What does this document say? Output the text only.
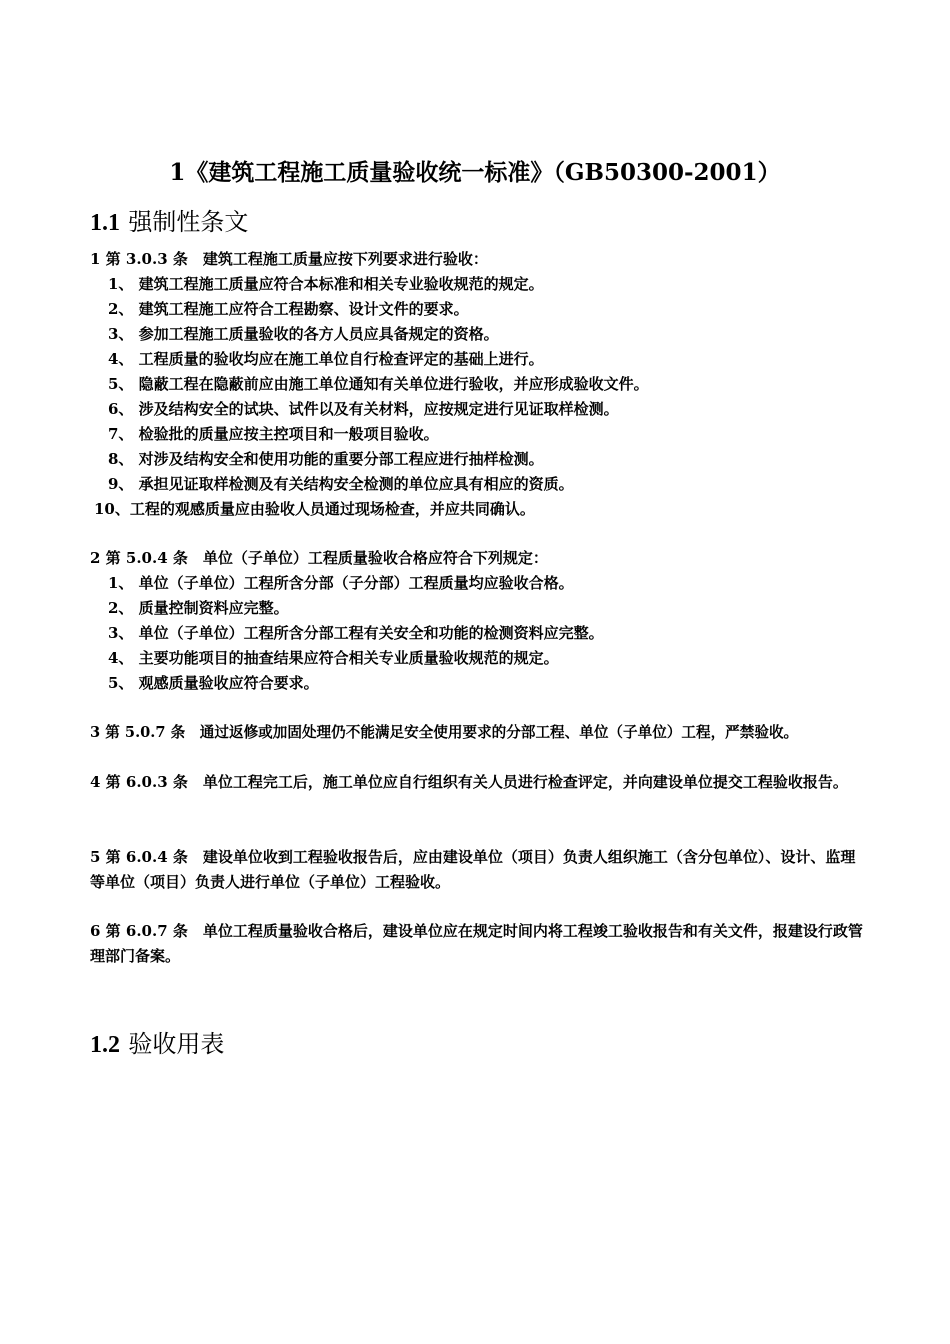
1《建筑工程施工质量验收统一标准》（GB50300-2001）
1.1 强制性条文
1 第 3.0.3 条　建筑工程施工质量应按下列要求进行验收：
1、 建筑工程施工质量应符合本标准和相关专业验收规范的规定。
2、 建筑工程施工应符合工程勘察、设计文件的要求。
3、 参加工程施工质量验收的各方人员应具备规定的资格。
4、 工程质量的验收均应在施工单位自行检查评定的基础上进行。
5、 隐蔽工程在隐蔽前应由施工单位通知有关单位进行验收，并应形成验收文件。
6、 涉及结构安全的试块、试件以及有关材料，应按规定进行见证取样检测。
7、 检验批的质量应按主控项目和一般项目验收。
8、 对涉及结构安全和使用功能的重要分部工程应进行抽样检测。
9、 承担见证取样检测及有关结构安全检测的单位应具有相应的资质。
10、工程的观感质量应由验收人员通过现场检查，并应共同确认。
2 第 5.0.4 条　单位（子单位）工程质量验收合格应符合下列规定：
1、 单位（子单位）工程所含分部（子分部）工程质量均应验收合格。
2、 质量控制资料应完整。
3、 单位（子单位）工程所含分部工程有关安全和功能的检测资料应完整。
4、 主要功能项目的抽查结果应符合相关专业质量验收规范的规定。
5、 观感质量验收应符合要求。
3 第 5.0.7 条　通过返修或加固处理仍不能满足安全使用要求的分部工程、单位（子单位）工程，严禁验收。
4 第 6.0.3 条　单位工程完工后，施工单位应自行组织有关人员进行检查评定，并向建设单位提交工程验收报告。
5 第 6.0.4 条　建设单位收到工程验收报告后，应由建设单位（项目）负责人组织施工（含分包单位）、设计、监理等单位（项目）负责人进行单位（子单位）工程验收。
6 第 6.0.7 条　单位工程质量验收合格后，建设单位应在规定时间内将工程竣工验收报告和有关文件，报建设行政管理部门备案。
1.2 验收用表
